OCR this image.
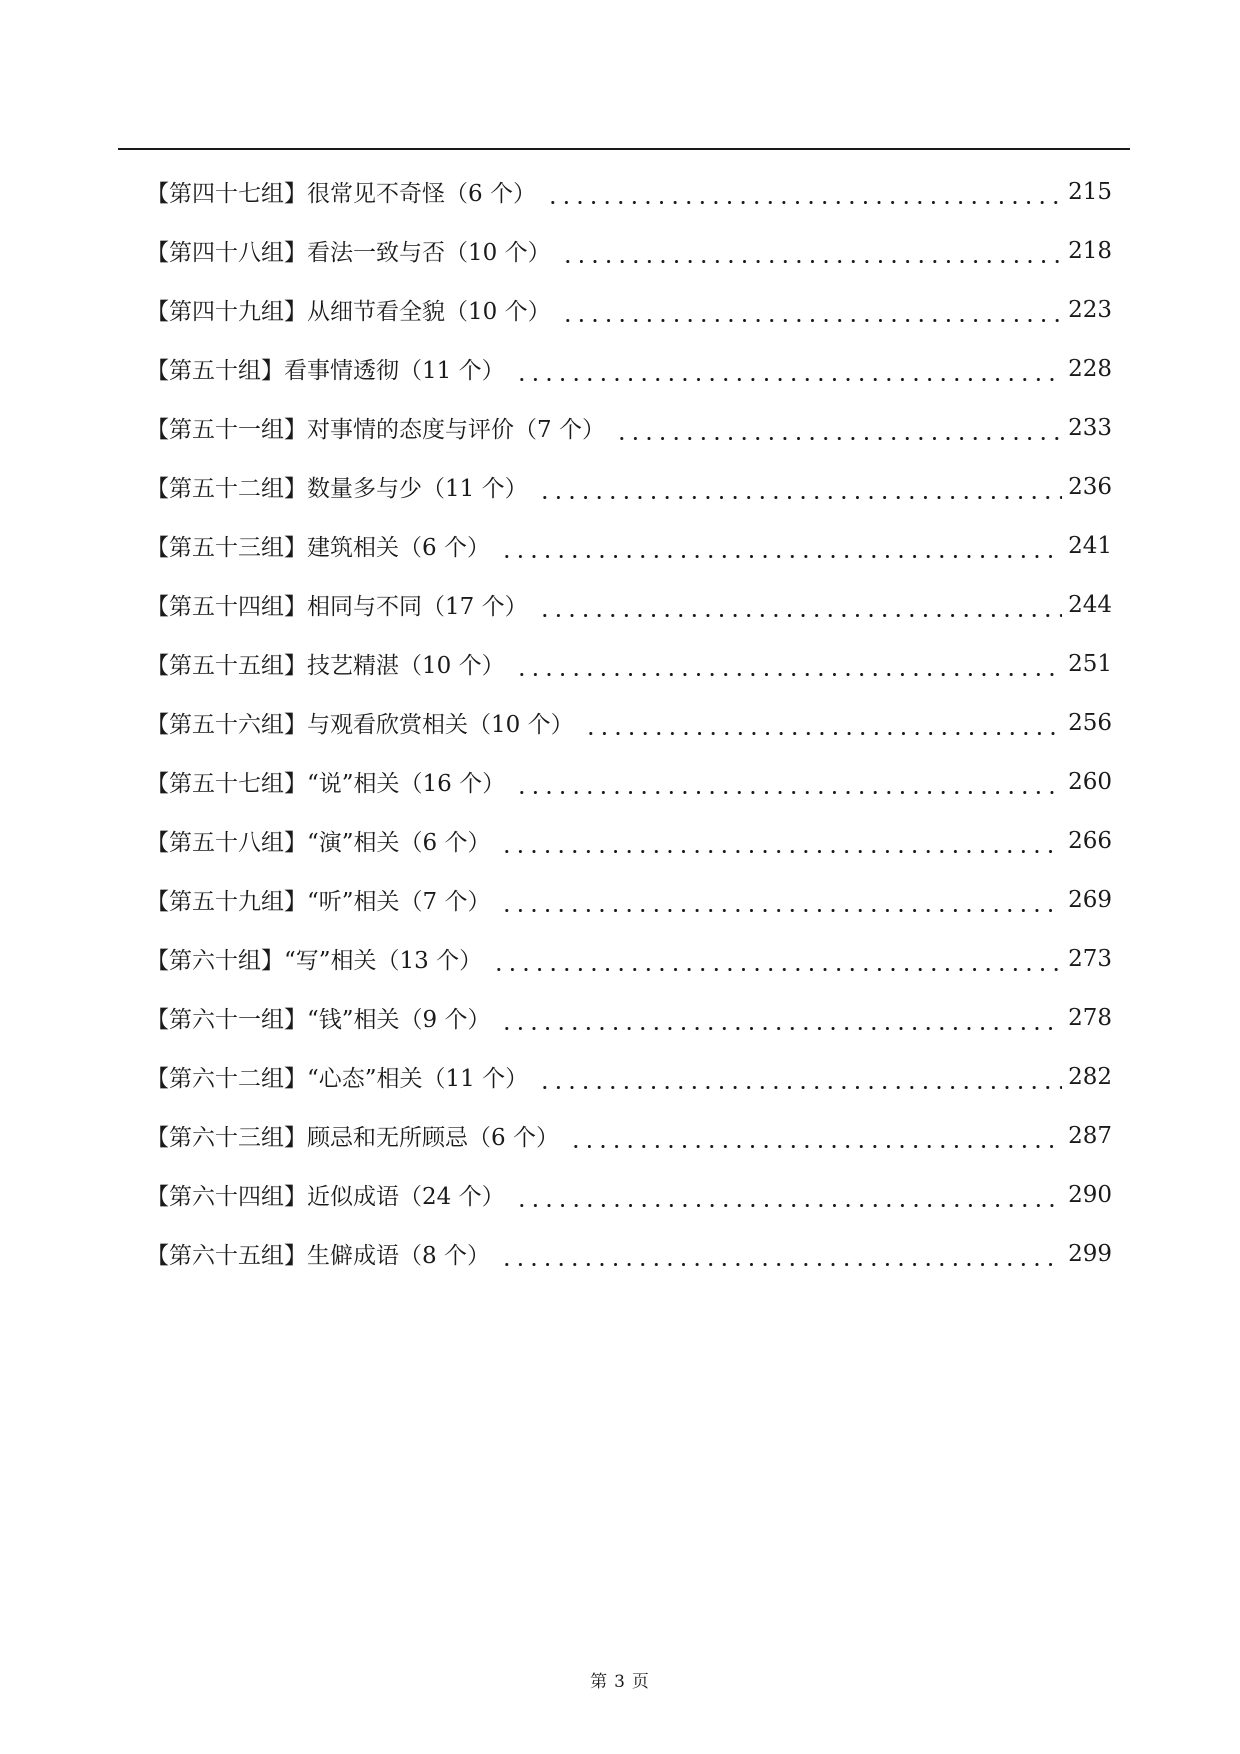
【第四十七组】很常见不奇怪（6 个）	215
【第四十八组】看法一致与否（10 个）	218
【第四十九组】从细节看全貌（10 个）	223
【第五十组】看事情透彻（11 个）	228
【第五十一组】对事情的态度与评价（7 个）	233
【第五十二组】数量多与少（11 个）	236
【第五十三组】建筑相关（6 个）	241
【第五十四组】相同与不同（17 个）	244
【第五十五组】技艺精湛（10 个）	251
【第五十六组】与观看欣赏相关（10 个）	256
【第五十七组】“说”相关（16 个）	260
【第五十八组】“演”相关（6 个）	266
【第五十九组】“听”相关（7 个）	269
【第六十组】“写”相关（13 个）	273
【第六十一组】“钱”相关（9 个）	278
【第六十二组】“心态”相关（11 个）	282
【第六十三组】顾忌和无所顾忌（6 个）	287
【第六十四组】近似成语（24 个）	290
【第六十五组】生僻成语（8 个）	299
第 3 页
